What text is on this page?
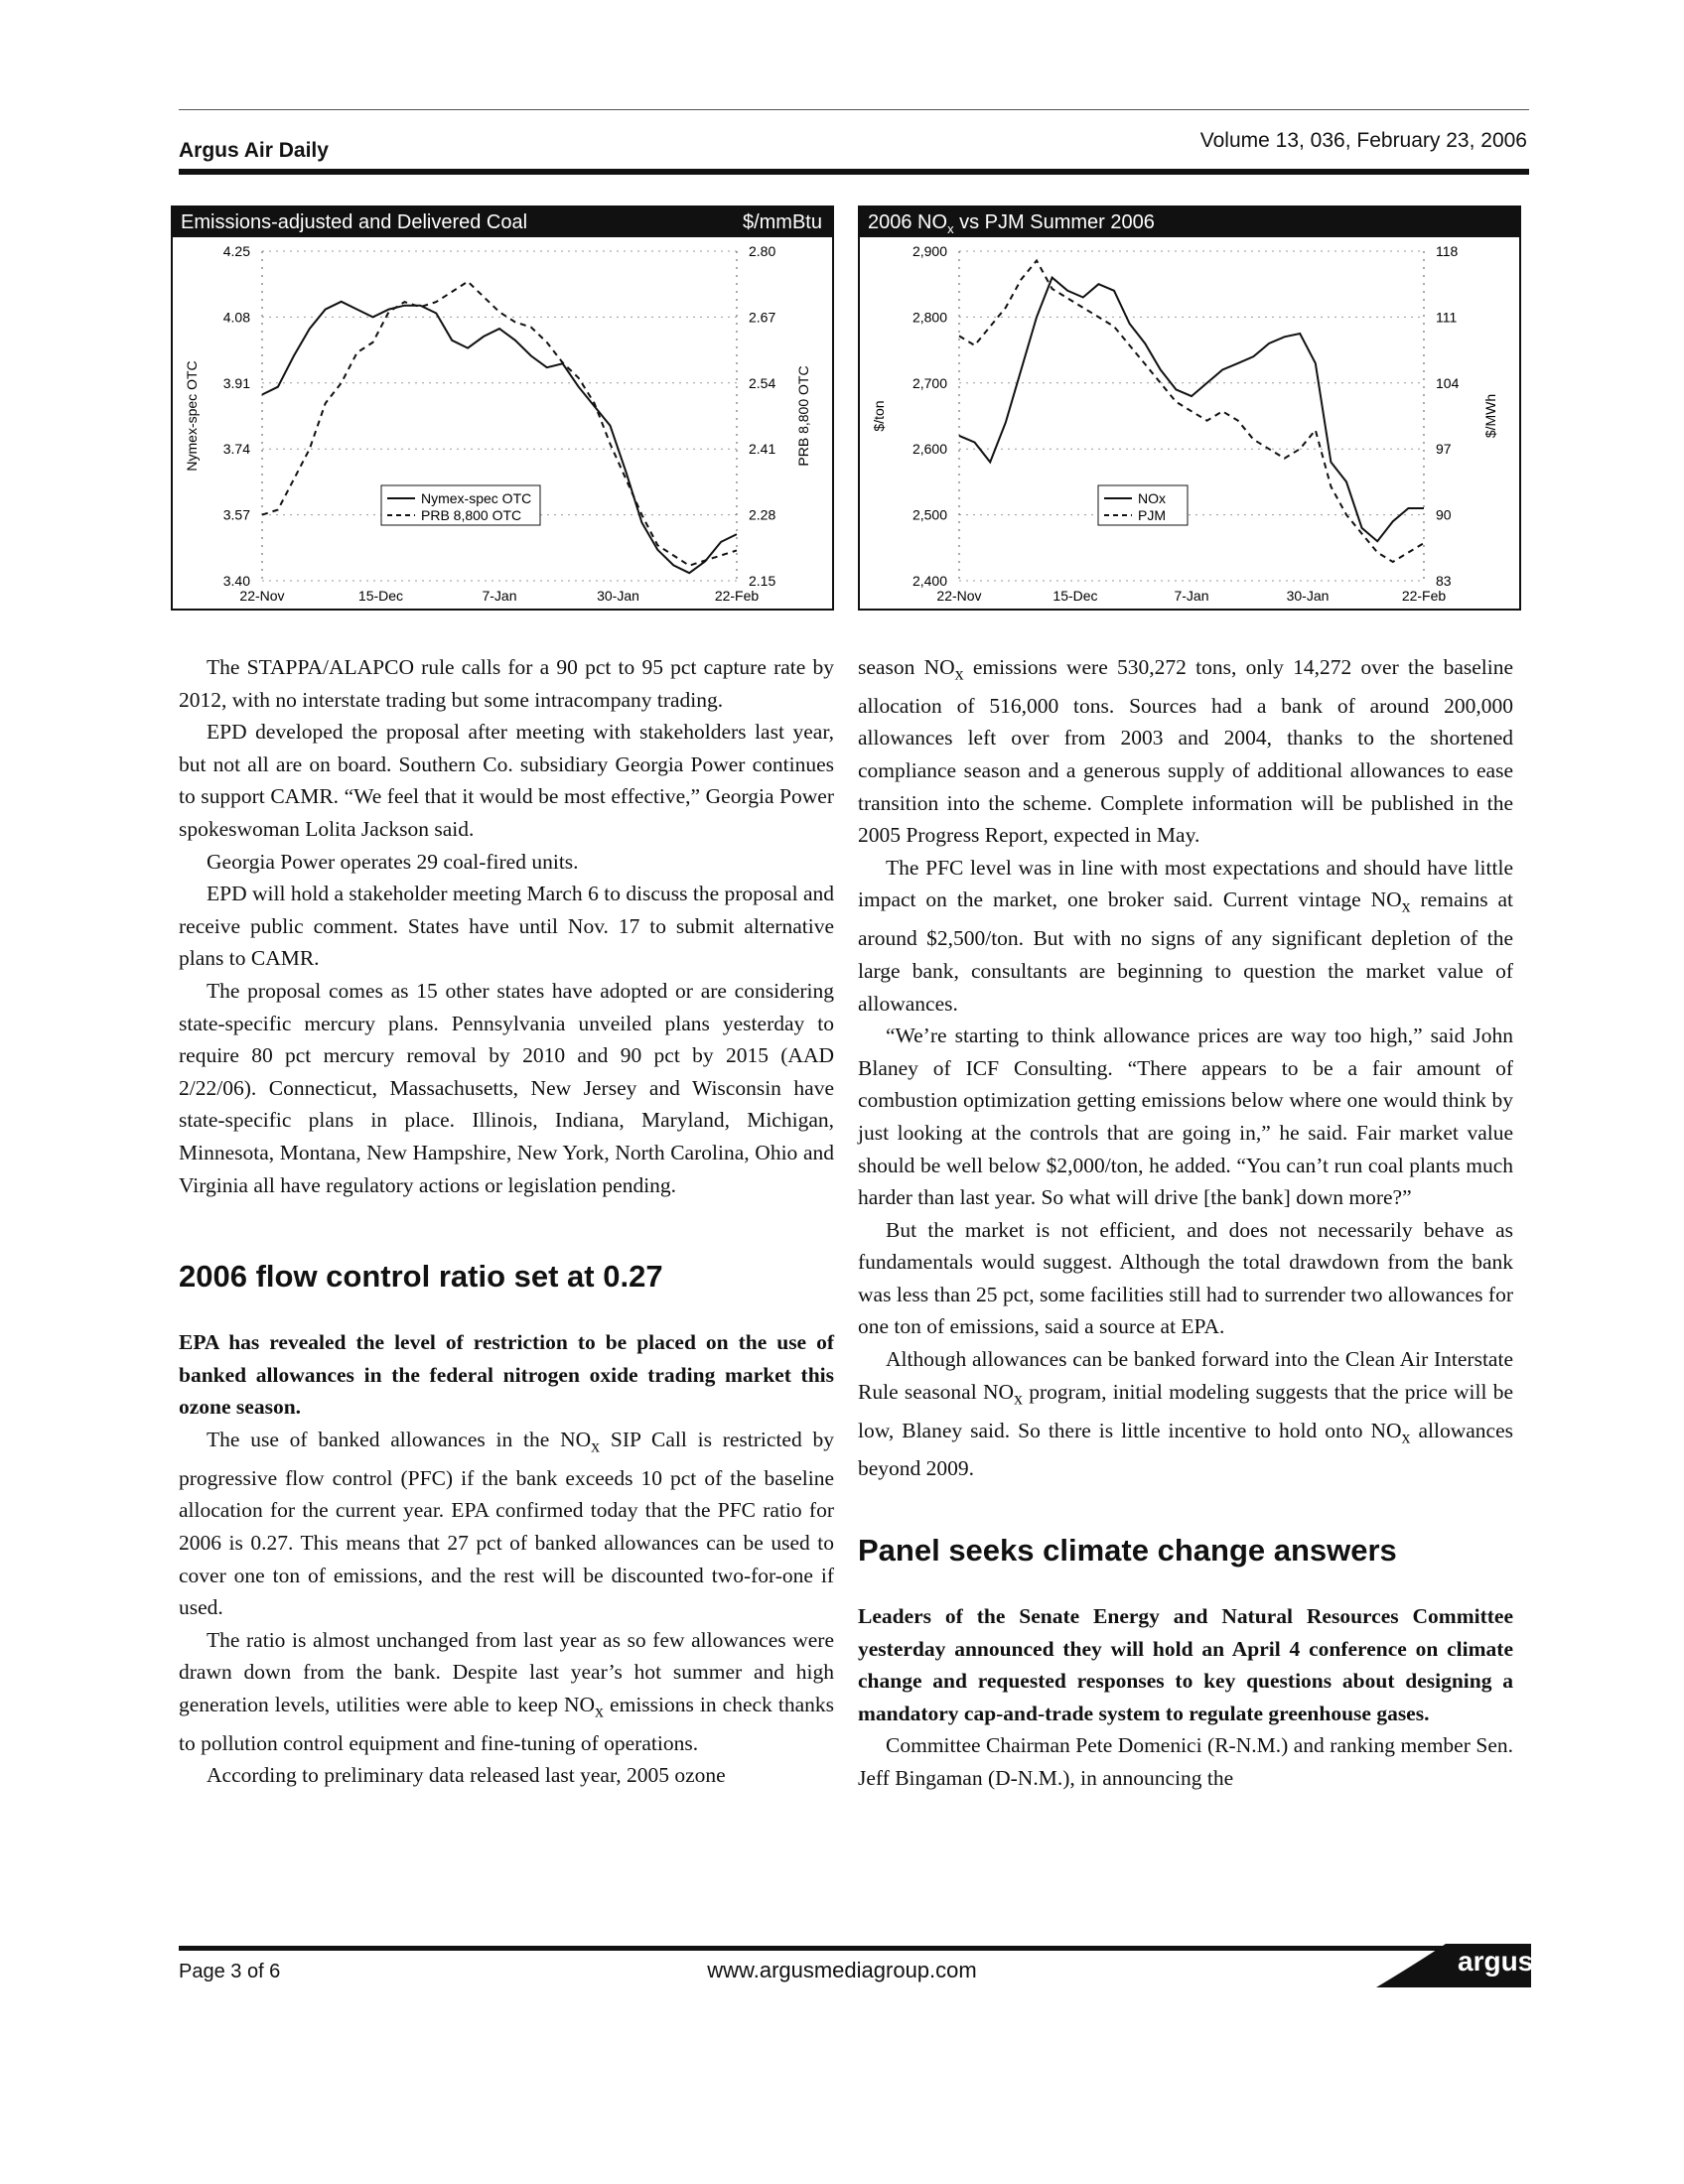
Argus Air Daily	Volume 13, 036, February 23, 2006
Emissions-adjusted and Delivered Coal	$/mmBtu
4.25	2.80
4.08	2.67
3.91	2.54
3.74	2.41
3.57	2.28
3.40	2.15
22-Nov	15-Dec	7-Jan	30-Jan	22-Feb
Nymex-spec OTC	PRB 8,800 OTC
Nymex-spec OTC
PRB 8,800 OTC
2006 $NO_x$ vs PJM Summer 2006
2,900	118
2,800	111
2,700	104
2,600	97
2,500	90
2,400	83
22-Nov	15-Dec	7-Jan	30-Jan	22-Feb
$/ton	$/MWh
NOx
PJM

The STAPPA/ALAPCO rule calls for a 90 pct to 95 pct capture rate by 2012, with no interstate trading but some intracompany trading.

EPD developed the proposal after meeting with stakeholders last year, but not all are on board. Southern Co. subsidiary Georgia Power continues to support CAMR. “We feel that it would be most effective,” Georgia Power spokeswoman Lolita Jackson said.

Georgia Power operates 29 coal-fired units.

EPD will hold a stakeholder meeting March 6 to discuss the proposal and receive public comment. States have until Nov. 17 to submit alternative plans to CAMR.

The proposal comes as 15 other states have adopted or are considering state-specific mercury plans. Pennsylvania unveiled plans yesterday to require 80 pct mercury removal by 2010 and 90 pct by 2015 (AAD 2/22/06). Connecticut, Massachusetts, New Jersey and Wisconsin have state-specific plans in place. Illinois, Indiana, Maryland, Michigan, Minnesota, Montana, New Hampshire, New York, North Carolina, Ohio and Virginia all have regulatory actions or legislation pending.

2006 flow control ratio set at 0.27

EPA has revealed the level of restriction to be placed on the use of banked allowances in the federal nitrogen oxide trading market this ozone season.

The use of banked allowances in the $NO_x$ SIP Call is restricted by progressive flow control (PFC) if the bank exceeds 10 pct of the baseline allocation for the current year. EPA confirmed today that the PFC ratio for 2006 is 0.27. This means that 27 pct of banked allowances can be used to cover one ton of emissions, and the rest will be discounted two-for-one if used.

The ratio is almost unchanged from last year as so few allowances were drawn down from the bank. Despite last year’s hot summer and high generation levels, utilities were able to keep $NO_x$ emissions in check thanks to pollution control equipment and fine-tuning of operations.

According to preliminary data released last year, 2005 ozone

season $NO_x$ emissions were 530,272 tons, only 14,272 over the baseline allocation of 516,000 tons. Sources had a bank of around 200,000 allowances left over from 2003 and 2004, thanks to the shortened compliance season and a generous supply of additional allowances to ease transition into the scheme. Complete information will be published in the 2005 Progress Report, expected in May.

The PFC level was in line with most expectations and should have little impact on the market, one broker said. Current vintage $NO_x$ remains at around $2,500/ton. But with no signs of any significant depletion of the large bank, consultants are beginning to question the market value of allowances.

“We’re starting to think allowance prices are way too high,” said John Blaney of ICF Consulting. “There appears to be a fair amount of combustion optimization getting emissions below where one would think by just looking at the controls that are going in,” he said. Fair market value should be well below $2,000/ton, he added. “You can’t run coal plants much harder than last year. So what will drive [the bank] down more?”

But the market is not efficient, and does not necessarily behave as fundamentals would suggest. Although the total drawdown from the bank was less than 25 pct, some facilities still had to surrender two allowances for one ton of emissions, said a source at EPA.

Although allowances can be banked forward into the Clean Air Interstate Rule seasonal $NO_x$ program, initial modeling suggests that the price will be low, Blaney said. So there is little incentive to hold onto $NO_x$ allowances beyond 2009.

Panel seeks climate change answers

Leaders of the Senate Energy and Natural Resources Committee yesterday announced they will hold an April 4 conference on climate change and requested responses to key questions about designing a mandatory cap-and-trade system to regulate greenhouse gases.

Committee Chairman Pete Domenici (R-N.M.) and ranking member Sen. Jeff Bingaman (D-N.M.), in announcing the

Page 3 of 6	www.argusmediagroup.com	argus
